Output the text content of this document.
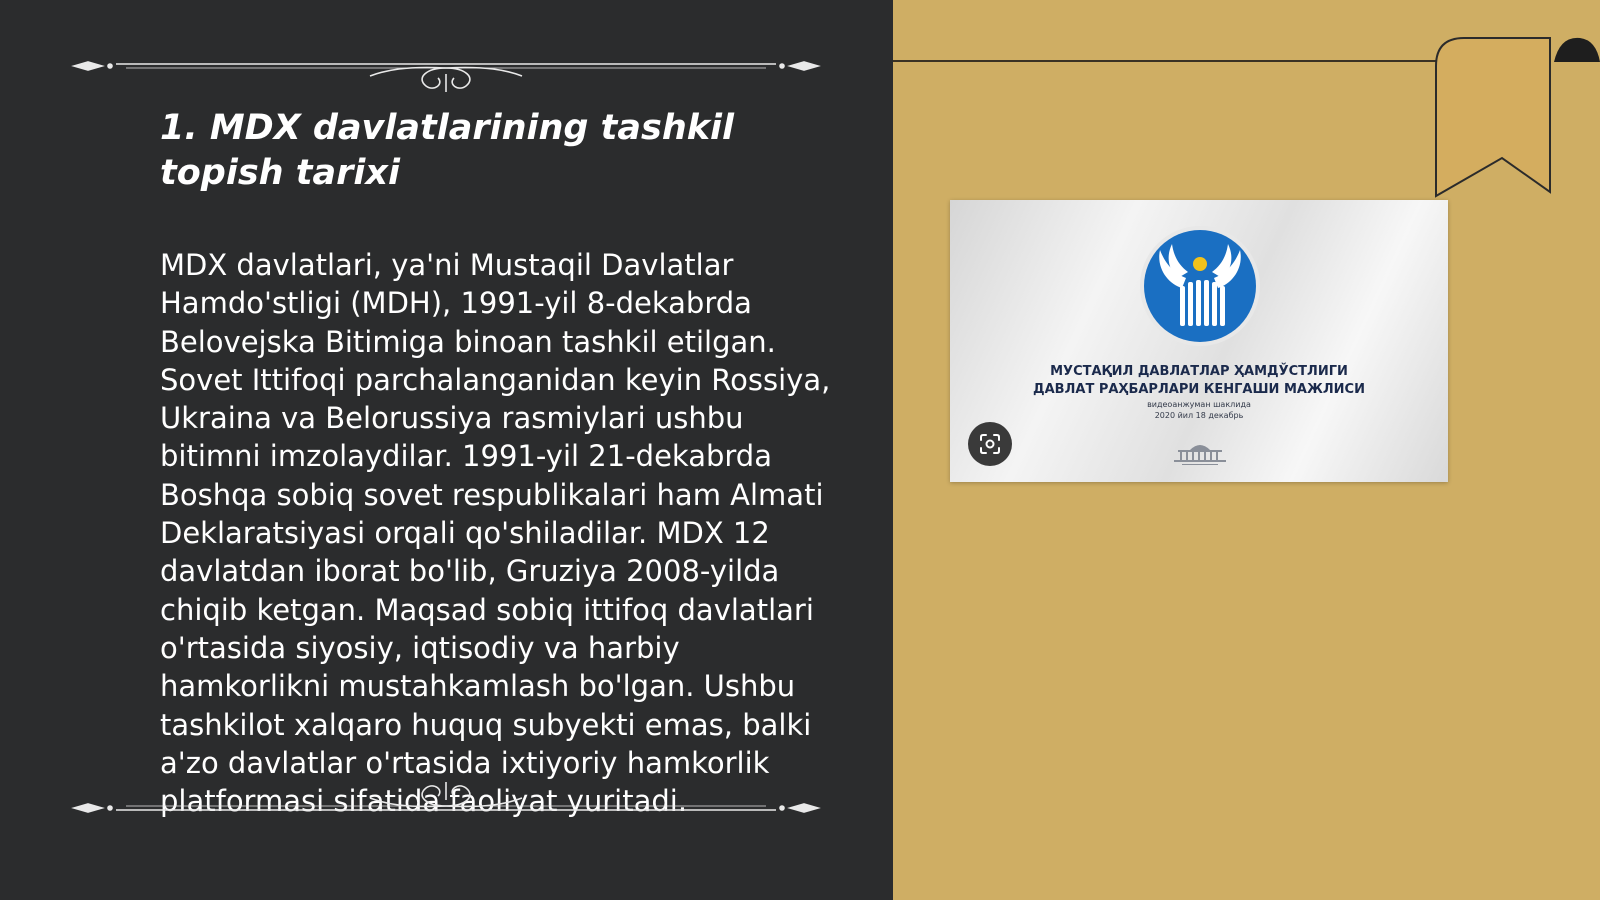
1. MDX davlatlarining tashkil topish tarixi

MDX davlatlari, ya'ni Mustaqil Davlatlar Hamdo'stligi (MDH), 1991-yil 8-dekabrda Belovejska Bitimiga binoan tashkil etilgan. Sovet Ittifoqi parchalanganidan keyin Rossiya, Ukraina va Belorussiya rasmiylari ushbu bitimni imzolaydilar. 1991-yil 21-dekabrda Boshqa sobiq sovet respublikalari ham Almati Deklaratsiyasi orqali qo'shiladilar. MDX 12 davlatdan iborat bo'lib, Gruziya 2008-yilda chiqib ketgan. Maqsad sobiq ittifoq davlatlari o'rtasida siyosiy, iqtisodiy va harbiy hamkorlikni mustahkamlash bo'lgan. Ushbu tashkilot xalqaro huquq subyekti emas, balki a'zo davlatlar o'rtasida ixtiyoriy hamkorlik platformasi sifatida faoliyat yuritadi.

МУСТАҚИЛ ДАВЛАТЛАР ҲАМДЎСТЛИГИ
ДАВЛАТ РАҲБАРЛАРИ КЕНГАШИ МАЖЛИСИ
видеоанжуман шаклида
2020 йил 18 декабрь
